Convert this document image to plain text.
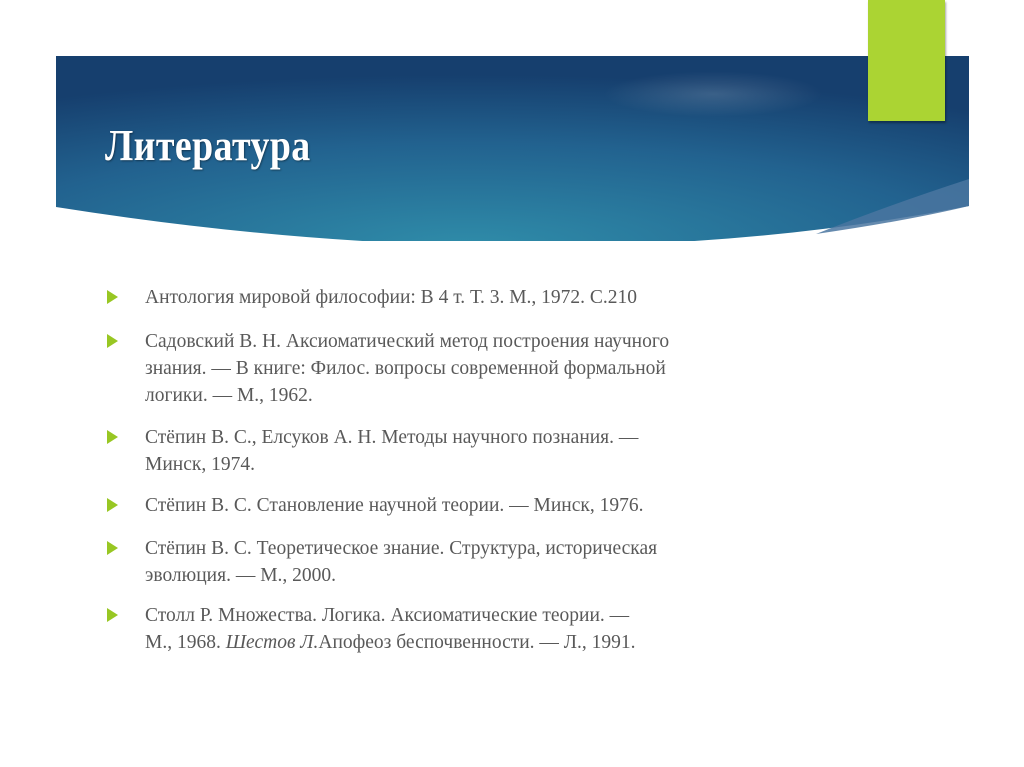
Литература
Антология мировой философии: В 4 т. Т. 3. М., 1972. С.210
Садовский В. Н. Аксиоматический метод построения научного
знания. — В книге: Филос. вопросы современной формальной
логики. — М., 1962.
Стёпин В. С., Елсуков А. Н. Методы научного познания. —
Минск, 1974.
Стёпин В. С. Становление научной теории. — Минск, 1976.
Стёпин В. С. Теоретическое знание. Структура, историческая
эволюция. — М., 2000.
Столл Р. Множества. Логика. Аксиоматические теории. —
М., 1968. Шестов Л.Апофеоз беспочвенности. — Л., 1991.
